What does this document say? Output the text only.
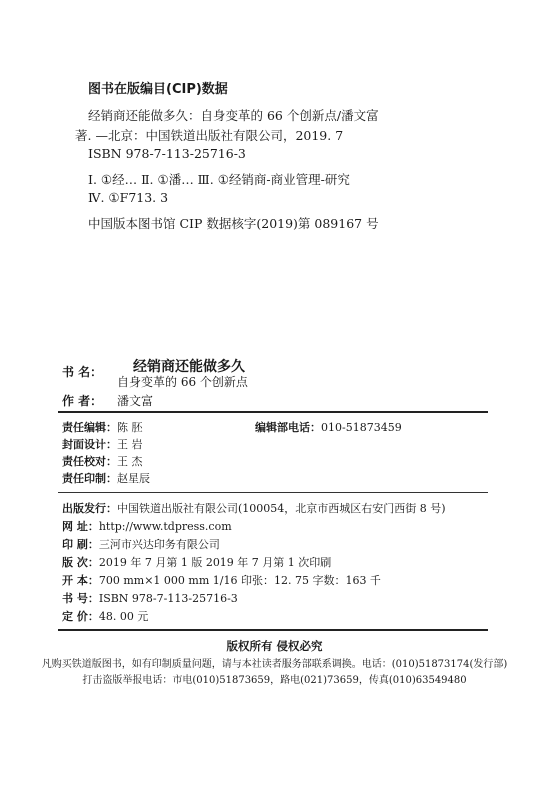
图书在版编目(CIP)数据
经销商还能做多久：自身变革的 66 个创新点/潘文富
著. —北京：中国铁道出版社有限公司，2019. 7
ISBN 978-7-113-25716-3
Ⅰ. ①经… Ⅱ. ①潘… Ⅲ. ①经销商-商业管理-研究
Ⅳ. ①F713. 3
中国版本图书馆 CIP 数据核字(2019)第 089167 号
书 名： 经销商还能做多久
自身变革的 66 个创新点
作 者： 潘文富
责任编辑：陈 胚	编辑部电话：010-51873459
封面设计：王 岩
责任校对：王 杰
责任印制：赵星辰
出版发行：中国铁道出版社有限公司(100054，北京市西城区右安门西街 8 号)
网 址：http://www.tdpress.com
印 刷：三河市兴达印务有限公司
版 次：2019 年 7 月第 1 版 2019 年 7 月第 1 次印刷
开 本：700 mm×1 000 mm 1/16 印张：12. 75 字数：163 千
书 号：ISBN 978-7-113-25716-3
定 价：48. 00 元
版权所有 侵权必究
凡购买铁道版图书，如有印制质量问题，请与本社读者服务部联系调换。电话：(010)51873174(发行部)
打击盗版举报电话：市电(010)51873659，路电(021)73659，传真(010)63549480
